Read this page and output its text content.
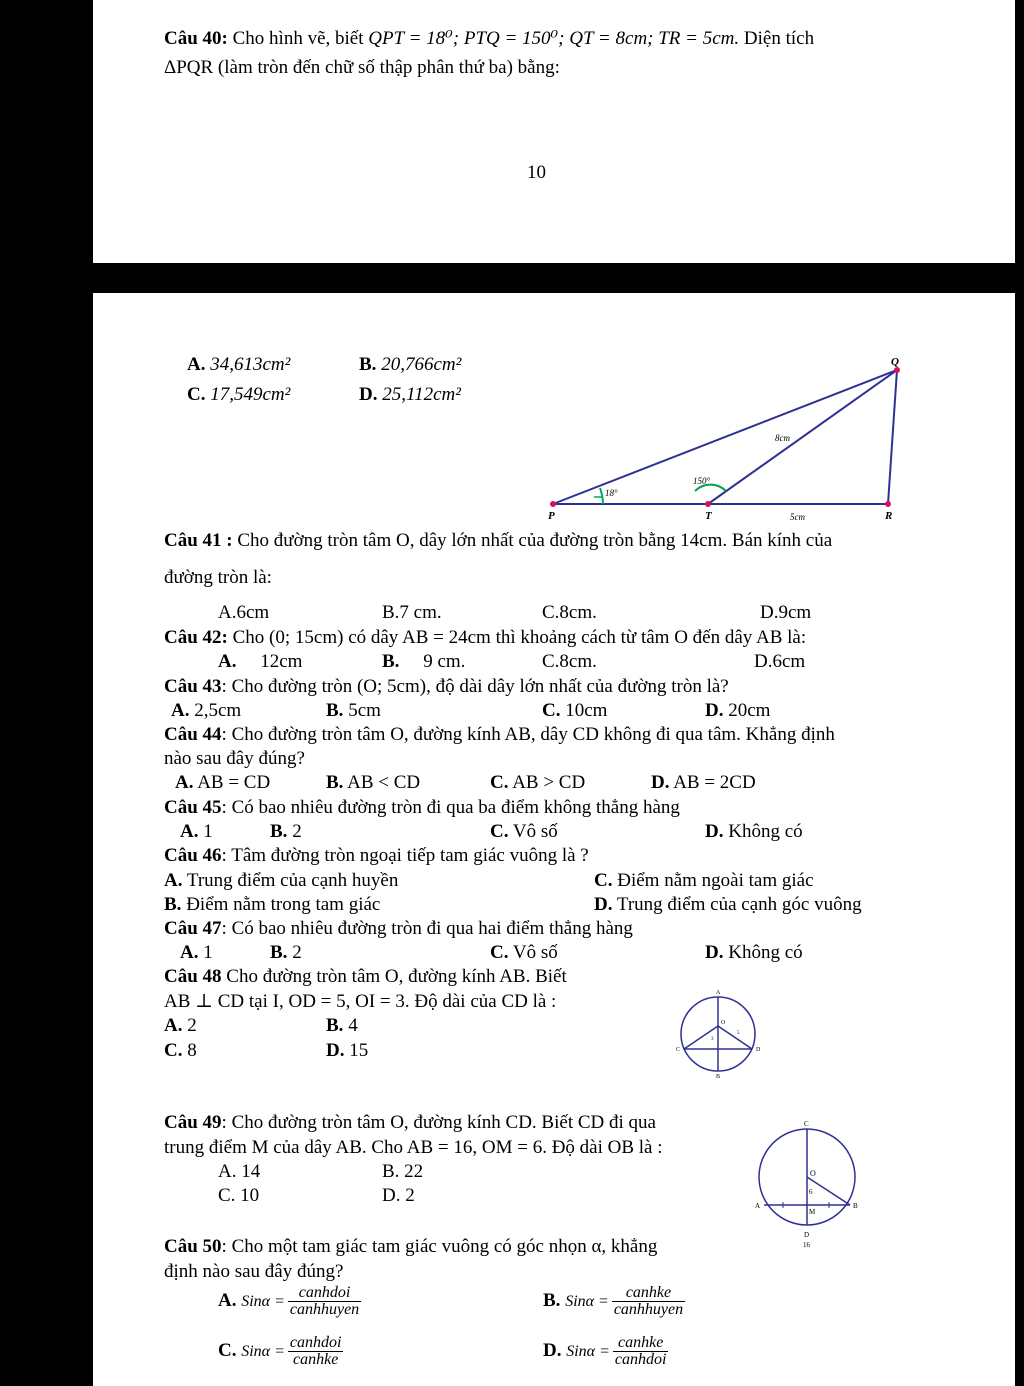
Câu 40: Cho hình vẽ, biết QPT = 18⁰; PTQ = 150⁰; QT = 8cm; TR = 5cm. Diện tích
ΔPQR (làm tròn đến chữ số thập phân thứ ba) bằng:
10
A. 34,613cm²	B. 20,766cm²
C. 17,549cm²	D. 25,112cm²
P
Q
T	R
18°
150°
8cm
5cm
Câu 41 : Cho đường tròn tâm O, dây lớn nhất của đường tròn bằng 14cm. Bán kính của
đường tròn là:
A.6cm	B.7 cm.	C.8cm.	D.9cm
Câu 42: Cho (0; 15cm) có dây AB = 24cm thì khoảng cách từ tâm O đến dây AB là:
A. 12cm	B. 9 cm.	C.8cm.	D.6cm
Câu 43: Cho đường tròn (O; 5cm), độ dài dây lớn nhất của đường tròn là?
A. 2,5cm	B. 5cm	C. 10cm	D. 20cm
Câu 44: Cho đường tròn tâm O, đường kính AB, dây CD không đi qua tâm. Khẳng định
nào sau đây đúng?
A. AB = CD	B. AB < CD	C. AB > CD	D. AB = 2CD
Câu 45: Có bao nhiêu đường tròn đi qua ba điểm không thẳng hàng
A. 1	B. 2	C. Vô số	D. Không có
Câu 46: Tâm đường tròn ngoại tiếp tam giác vuông là ?
A. Trung điểm của cạnh huyền	C. Điểm nằm ngoài tam giác
B. Điểm nằm trong tam giác	D. Trung điểm của cạnh góc vuông
Câu 47: Có bao nhiêu đường tròn đi qua hai điểm thẳng hàng
A. 1	B. 2	C. Vô số	D. Không có
Câu 48 Cho đường tròn tâm O, đường kính AB. Biết
AB ⊥ CD tại I, OD = 5, OI = 3. Độ dài của CD là :
A. 2	B. 4
C. 8	D. 15
A
B
C	D
O
5
3
Câu 49: Cho đường tròn tâm O, đường kính CD. Biết CD đi qua
trung điểm M của dây AB. Cho AB = 16, OM = 6. Độ dài OB là :
A. 14	B. 22
C. 10	D. 2
C
O
A	B
M
D
6
16
Câu 50: Cho một tam giác tam giác vuông có góc nhọn α, khẳng
định nào sau đây đúng?
A. $Sin\alpha = \frac{\text{canhdoi}}{\text{canhhuyen}}$	B. $Sin\alpha = \frac{\text{canhke}}{\text{canhhuyen}}$
C. $Sin\alpha = \frac{\text{canhdoi}}{\text{canhke}}$	D. $Sin\alpha = \frac{\text{canhke}}{\text{canhdoi}}$
